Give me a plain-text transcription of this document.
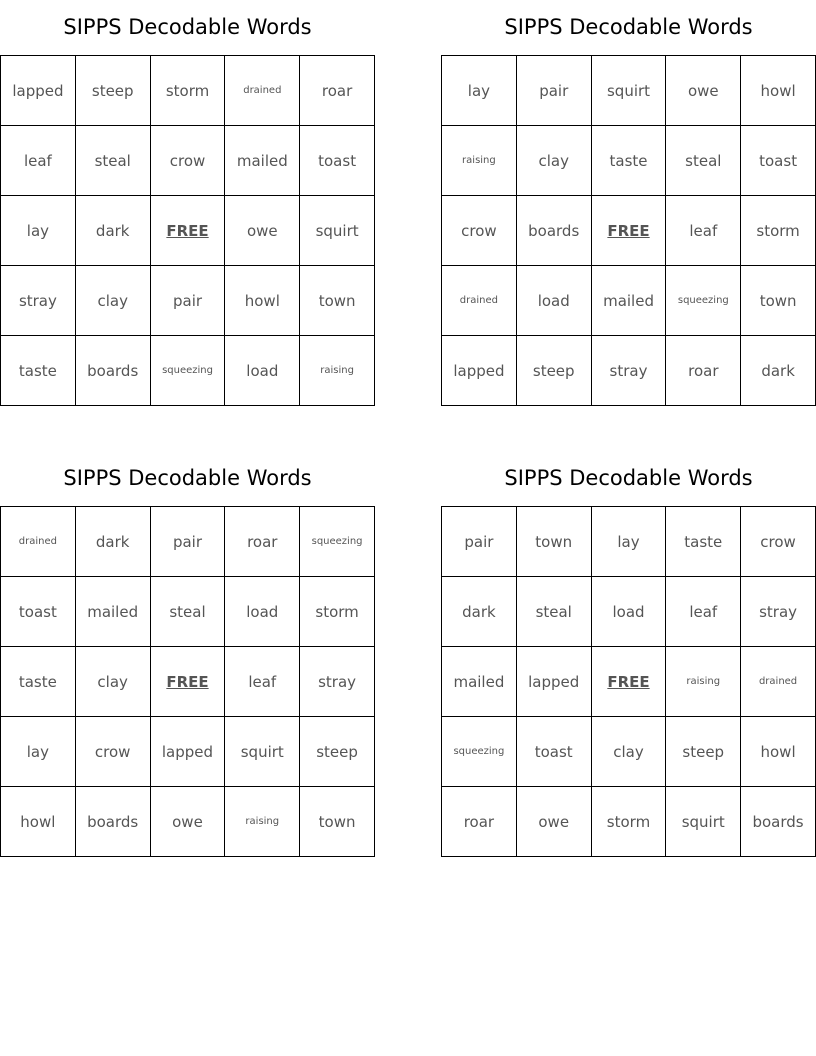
SIPPS Decodable Words
lapped	steep	storm	drained	roar
leaf	steal	crow	mailed	toast
lay	dark	FREE	owe	squirt
stray	clay	pair	howl	town
taste	boards	squeezing	load	raising
SIPPS Decodable Words
lay	pair	squirt	owe	howl
raising	clay	taste	steal	toast
crow	boards	FREE	leaf	storm
drained	load	mailed	squeezing	town
lapped	steep	stray	roar	dark
SIPPS Decodable Words
drained	dark	pair	roar	squeezing
toast	mailed	steal	load	storm
taste	clay	FREE	leaf	stray
lay	crow	lapped	squirt	steep
howl	boards	owe	raising	town
SIPPS Decodable Words
pair	town	lay	taste	crow
dark	steal	load	leaf	stray
mailed	lapped	FREE	raising	drained
squeezing	toast	clay	steep	howl
roar	owe	storm	squirt	boards
